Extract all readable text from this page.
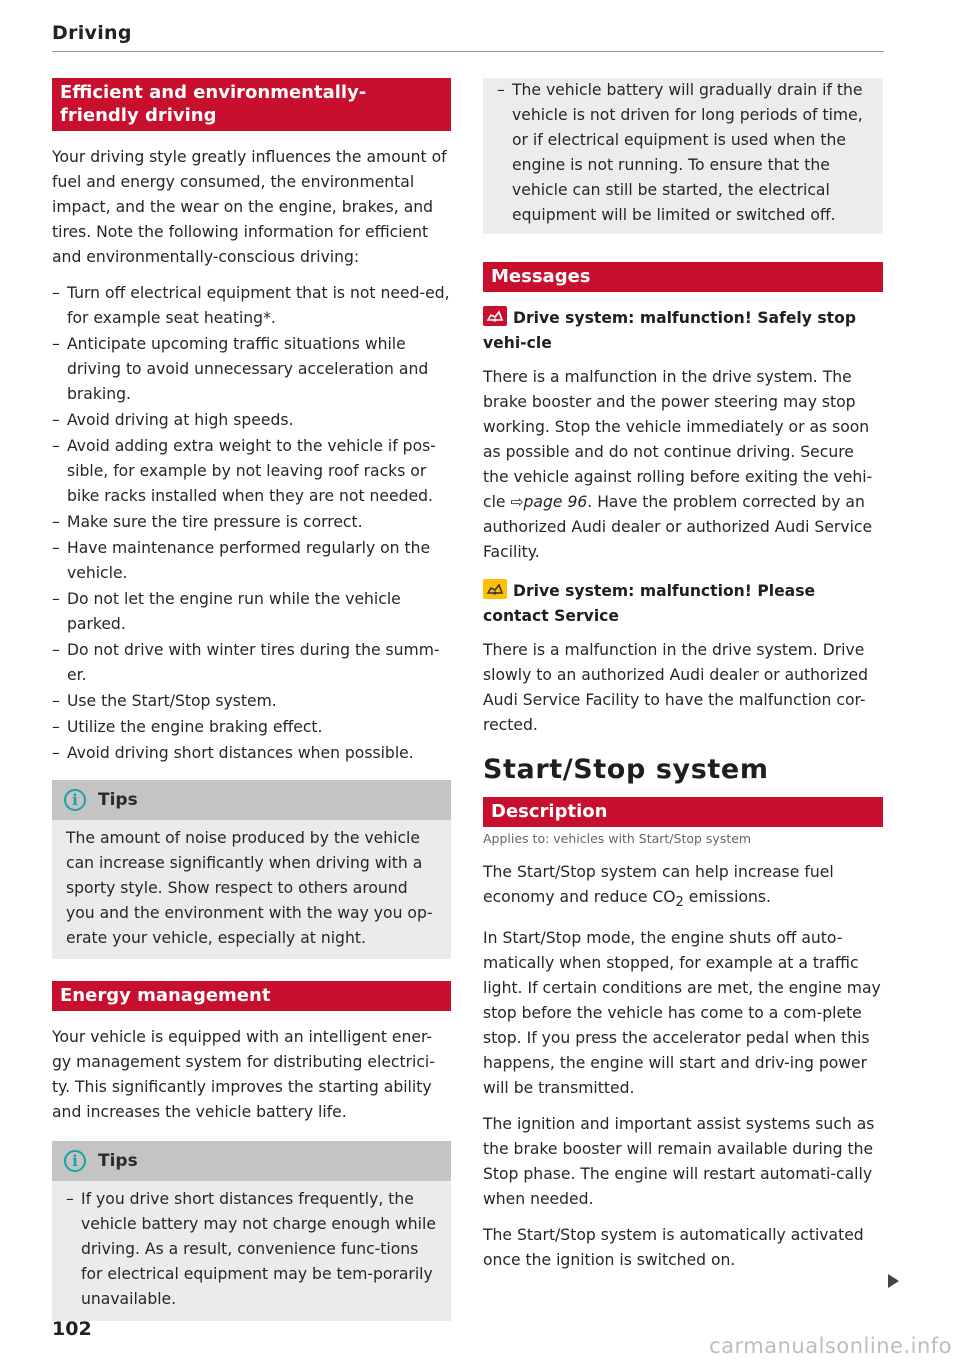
Driving
Efficient and environmentally-friendly driving

Your driving style greatly influences the amount of fuel and energy consumed, the environmental impact, and the wear on the engine, brakes, and tires. Note the following information for efficient and environmentally-conscious driving:

– Turn off electrical equipment that is not need-ed, for example seat heating*.
– Anticipate upcoming traffic situations while driving to avoid unnecessary acceleration and braking.
– Avoid driving at high speeds.
– Avoid adding extra weight to the vehicle if pos-sible, for example by not leaving roof racks or bike racks installed when they are not needed.
– Make sure the tire pressure is correct.
– Have maintenance performed regularly on the vehicle.
– Do not let the engine run while the vehicle parked.
– Do not drive with winter tires during the summ-er.
– Use the Start/Stop system.
– Utilize the engine braking effect.
– Avoid driving short distances when possible.
i	Tips
The amount of noise produced by the vehicle can increase significantly when driving with a sporty style. Show respect to others around you and the environment with the way you op-erate your vehicle, especially at night.
Energy management

Your vehicle is equipped with an intelligent ener-gy management system for distributing electrici-ty. This significantly improves the starting ability and increases the vehicle battery life.

i	Tips
– If you drive short distances frequently, the vehicle battery may not charge enough while driving. As a result, convenience func-tions for electrical equipment may be tem-porarily unavailable.
– The vehicle battery will gradually drain if the vehicle is not driven for long periods of time, or if electrical equipment is used when the engine is not running. To ensure that the vehicle can still be started, the electrical equipment will be limited or switched off.
Messages
Drive system: malfunction! Safely stop vehi-cle

There is a malfunction in the drive system. The brake booster and the power steering may stop working. Stop the vehicle immediately or as soon as possible and do not continue driving. Secure the vehicle against rolling before exiting the vehi-cle ⇨page 96. Have the problem corrected by an authorized Audi dealer or authorized Audi Service Facility.

Drive system: malfunction! Please contact Service

There is a malfunction in the drive system. Drive slowly to an authorized Audi dealer or authorized Audi Service Facility to have the malfunction cor-rected.

Start/Stop system
Description
Applies to: vehicles with Start/Stop system

The Start/Stop system can help increase fuel economy and reduce $CO_2$ emissions.

In Start/Stop mode, the engine shuts off auto-matically when stopped, for example at a traffic light. If certain conditions are met, the engine may stop before the vehicle has come to a com-plete stop. If you press the accelerator pedal when this happens, the engine will start and driv-ing power will be transmitted.

The ignition and important assist systems such as the brake booster will remain available during the Stop phase. The engine will restart automati-cally when needed.

The Start/Stop system is automatically activated once the ignition is switched on.

102
carmanualsonline.info
